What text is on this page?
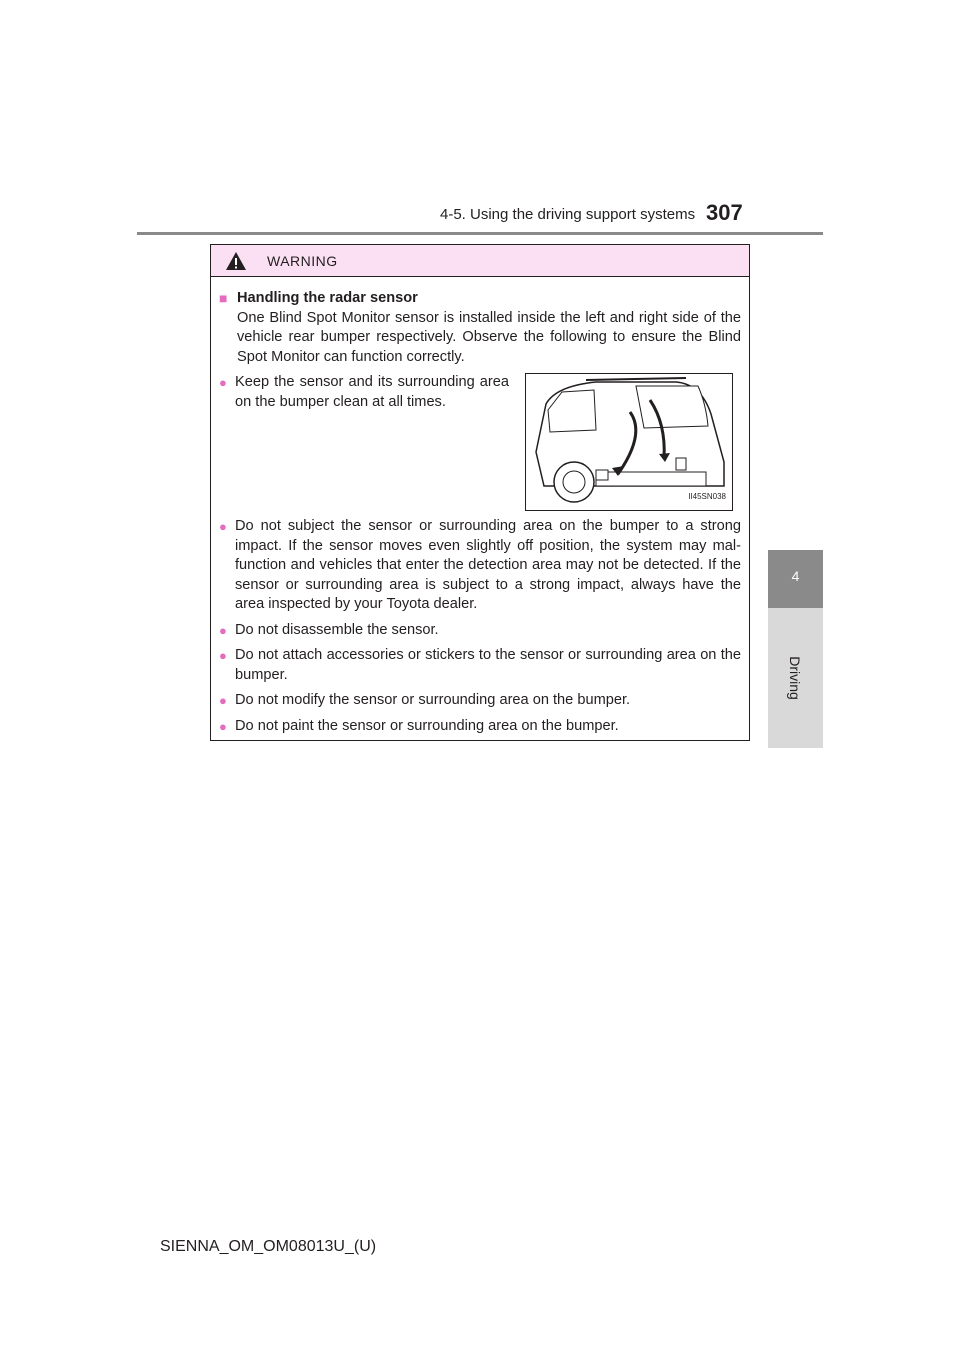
4-5. Using the driving support systems 307
4
Driving
WARNING
■ Handling the radar sensor
One Blind Spot Monitor sensor is installed inside the left and right side of the vehicle rear bumper respectively. Observe the following to ensure the Blind Spot Monitor can function correctly.
● Keep the sensor and its surrounding area on the bumper clean at all times.
II45SN038
● Do not subject the sensor or surrounding area on the bumper to a strong impact. If the sensor moves even slightly off position, the system may mal-function and vehicles that enter the detection area may not be detected. If the sensor or surrounding area is subject to a strong impact, always have the area inspected by your Toyota dealer.
● Do not disassemble the sensor.
● Do not attach accessories or stickers to the sensor or surrounding area on the bumper.
● Do not modify the sensor or surrounding area on the bumper.
● Do not paint the sensor or surrounding area on the bumper.
SIENNA_OM_OM08013U_(U)
